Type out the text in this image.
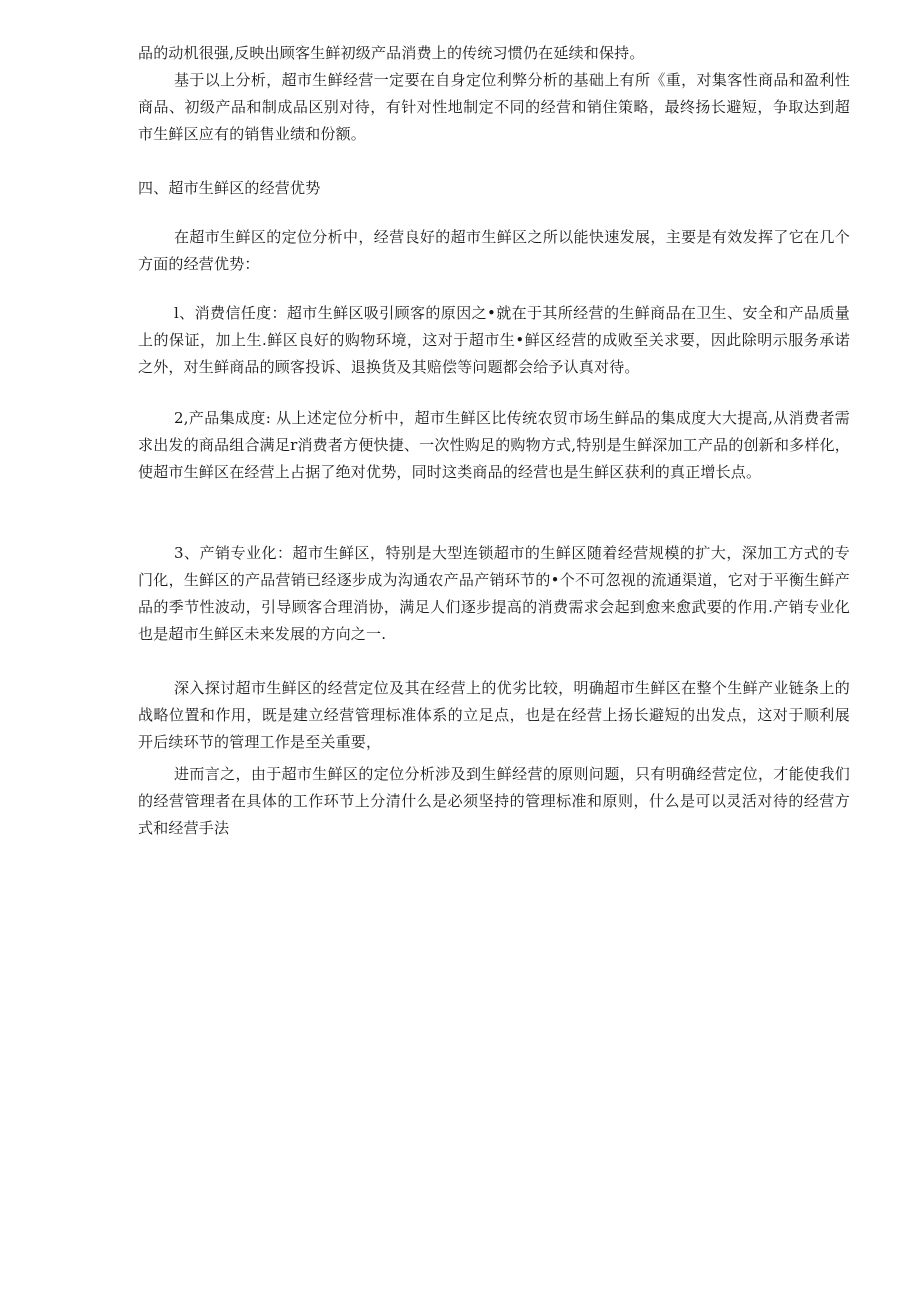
品的动机很强,反映出顾客生鲜初级产品消费上的传统习惯仍在延续和保持。

基于以上分析，超市生鲜经营一定要在自身定位利弊分析的基础上有所《重，对集客性商品和盈利性商品、初级产品和制成品区别对待，有针对性地制定不同的经营和销住策略，最终扬长避短，争取达到超市生鲜区应有的销售业绩和份额。

四、超市生鲜区的经营优势

在超市生鲜区的定位分析中，经营良好的超市生鲜区之所以能快速发展，主要是有效发挥了它在几个方面的经营优势：

l、消费信任度：超市生鲜区吸引顾客的原因之•就在于其所经营的生鲜商品在卫生、安全和产品质量上的保证，加上生.鲜区良好的购物环境，这对于超市生•鲜区经营的成败至关求要，因此除明示服务承诺之外，对生鲜商品的顾客投诉、退换货及其赔偿等问题都会给予认真对待。

2,产品集成度: 从上述定位分析中，超市生鲜区比传统农贸市场生鲜品的集成度大大提高,从消费者需求出发的商品组合满足r消费者方便快捷、一次性购足的购物方式,特别是生鲜深加工产品的创新和多样化，使超市生鲜区在经营上占据了绝对优势，同时这类商品的经营也是生鲜区获利的真正增长点。

3、产销专业化：超市生鲜区，特别是大型连锁超市的生鲜区随着经营规模的扩大，深加工方式的专门化，生鲜区的产品营销已经逐步成为沟通农产品产销环节的•个不可忽视的流通渠道，它对于平衡生鲜产品的季节性波动，引导顾客合理消协，满足人们逐步提高的消费需求会起到愈来愈武要的作用.产销专业化也是超市生鲜区未来发展的方向之一.

深入探讨超市生鲜区的经营定位及其在经营上的优劣比较，明确超市生鲜区在整个生鲜产业链条上的战略位置和作用，既是建立经营管理标准体系的立足点，也是在经营上扬长避短的出发点，这对于顺利展开后续环节的管理工作是至关重要，

进而言之，由于超市生鲜区的定位分析涉及到生鲜经营的原则问题，只有明确经营定位，才能使我们的经营管理者在具体的工作环节上分清什么是必须坚持的管理标准和原则，什么是可以灵活对待的经营方式和经营手法
